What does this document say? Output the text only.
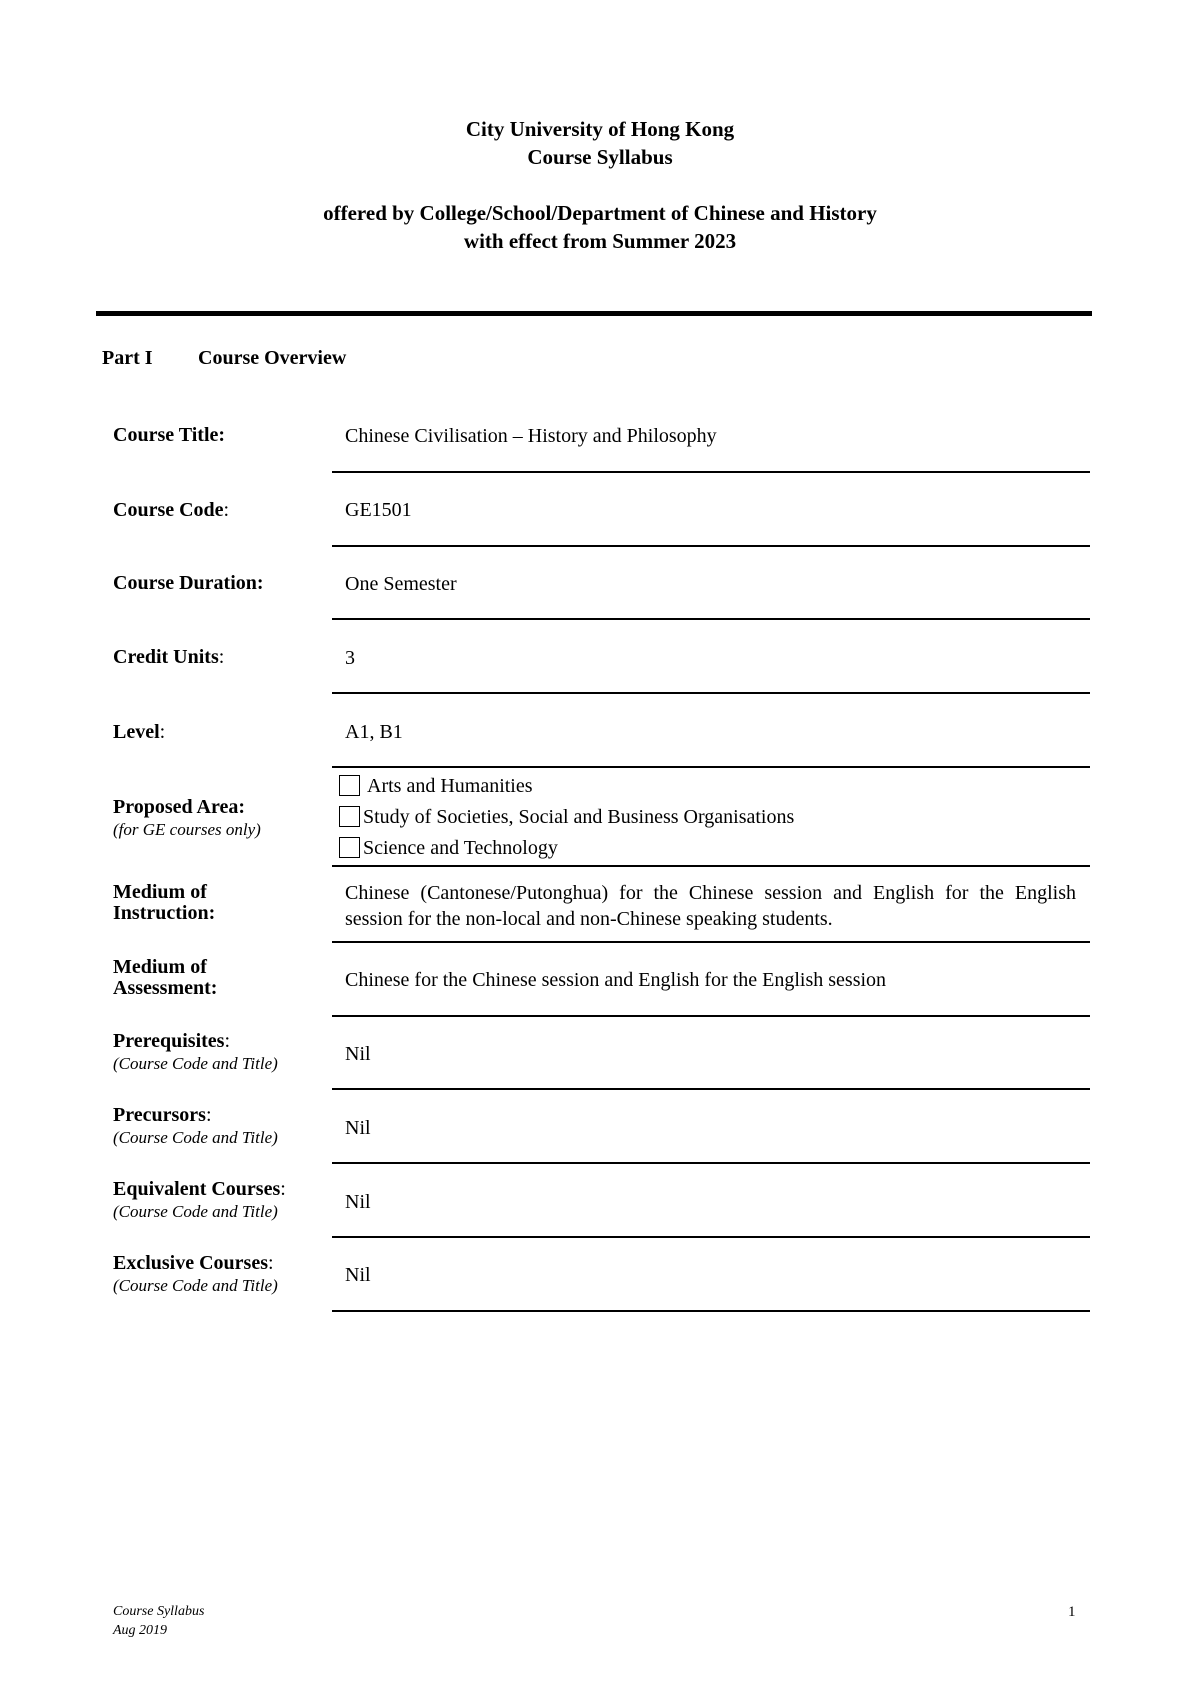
City University of Hong Kong
Course Syllabus
offered by College/School/Department of Chinese and History
with effect from Summer 2023
Part I Course Overview
Course Title:	Chinese Civilisation – History and Philosophy
Course Code:	GE1501
Course Duration:	One Semester
Credit Units:	3
Level:	A1, B1
Proposed Area:
(for GE courses only)
Arts and Humanities
Study of Societies, Social and Business Organisations
Science and Technology
Medium of
Instruction:
Chinese (Cantonese/Putonghua) for the Chinese session and English for the English session for the non-local and non-Chinese speaking students.
Medium of
Assessment:	Chinese for the Chinese session and English for the English session
Prerequisites:
(Course Code and Title)	Nil
Precursors:
(Course Code and Title)	Nil
Equivalent Courses:
(Course Code and Title)	Nil
Exclusive Courses:
(Course Code and Title)	Nil
Course Syllabus
Aug 2019
1
